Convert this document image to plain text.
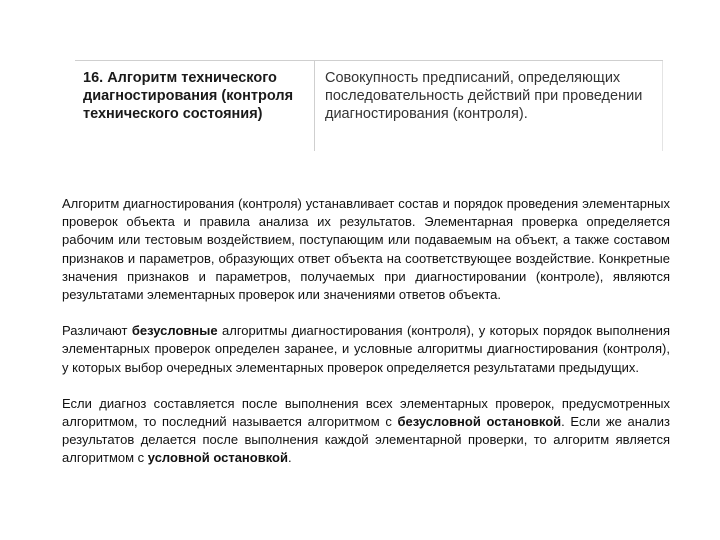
16. Алгоритм технического диагностирования (контроля технического состояния)
Совокупность предписаний, определяющих последовательность действий при проведении диагностирования (контроля).

Алгоритм диагностирования (контроля) устанавливает состав и порядок проведения элементарных проверок объекта и правила анализа их результатов. Элементарная проверка определяется рабочим или тестовым воздействием, поступающим или подаваемым на объект, а также составом признаков и параметров, образующих ответ объекта на соответствующее воздействие. Конкретные значения признаков и параметров, получаемых при диагностировании (контроле), являются результатами элементарных проверок или значениями ответов объекта.

Различают безусловные алгоритмы диагностирования (контроля), у которых порядок выполнения элементарных проверок определен заранее, и условные алгоритмы диагностирования (контроля), у которых выбор очередных элементарных проверок определяется результатами предыдущих.

Если диагноз составляется после выполнения всех элементарных проверок, предусмотренных алгоритмом, то последний называется алгоритмом с безусловной остановкой. Если же анализ результатов делается после выполнения каждой элементарной проверки, то алгоритм является алгоритмом с условной остановкой.
